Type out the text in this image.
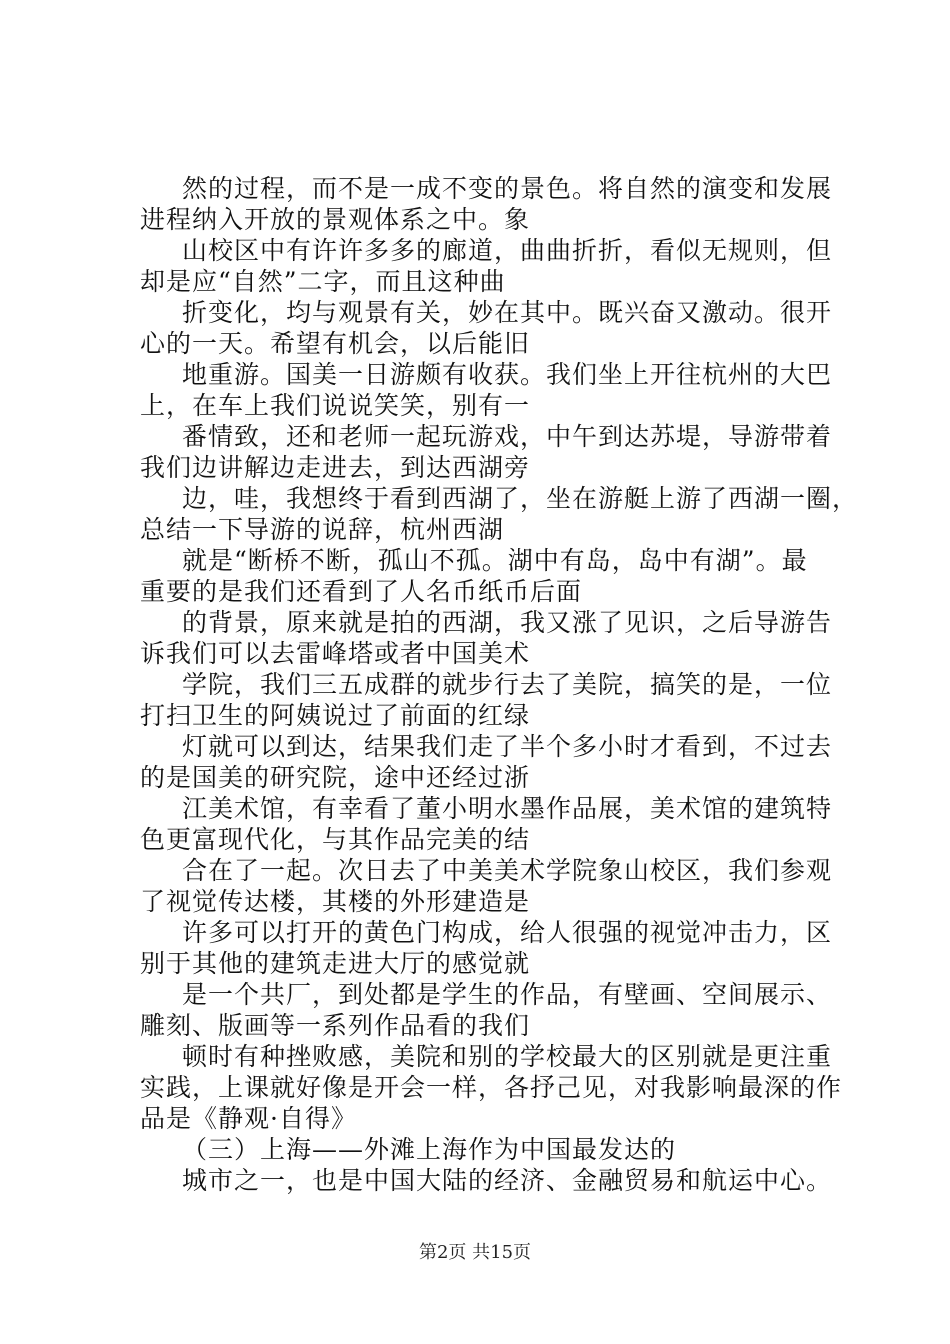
然的过程，而不是一成不变的景色。将自然的演变和发展
进程纳入开放的景观体系之中。象
山校区中有许许多多的廊道，曲曲折折，看似无规则，但
却是应“自然”二字，而且这种曲
折变化，均与观景有关，妙在其中。既兴奋又激动。很开
心的一天。希望有机会，以后能旧
地重游。国美一日游颇有收获。我们坐上开往杭州的大巴
上，在车上我们说说笑笑，别有一
番情致，还和老师一起玩游戏，中午到达苏堤，导游带着
我们边讲解边走进去，到达西湖旁
边，哇，我想终于看到西湖了，坐在游艇上游了西湖一圈，
总结一下导游的说辞，杭州西湖
就是“断桥不断，孤山不孤。湖中有岛，岛中有湖”。最
重要的是我们还看到了人名币纸币后面
的背景，原来就是拍的西湖，我又涨了见识，之后导游告
诉我们可以去雷峰塔或者中国美术
学院，我们三五成群的就步行去了美院，搞笑的是，一位
打扫卫生的阿姨说过了前面的红绿
灯就可以到达，结果我们走了半个多小时才看到，不过去
的是国美的研究院，途中还经过浙
江美术馆，有幸看了董小明水墨作品展，美术馆的建筑特
色更富现代化，与其作品完美的结
合在了一起。次日去了中美美术学院象山校区，我们参观
了视觉传达楼，其楼的外形建造是
许多可以打开的黄色门构成，给人很强的视觉冲击力，区
别于其他的建筑走进大厅的感觉就
是一个共厂，到处都是学生的作品，有壁画、空间展示、
雕刻、版画等一系列作品看的我们
顿时有种挫败感，美院和别的学校最大的区别就是更注重
实践，上课就好像是开会一样，各抒己见，对我影响最深的作
品是《静观·自得》
（三）上海——外滩上海作为中国最发达的
城市之一，也是中国大陆的经济、金融贸易和航运中心。
第2页 共15页
